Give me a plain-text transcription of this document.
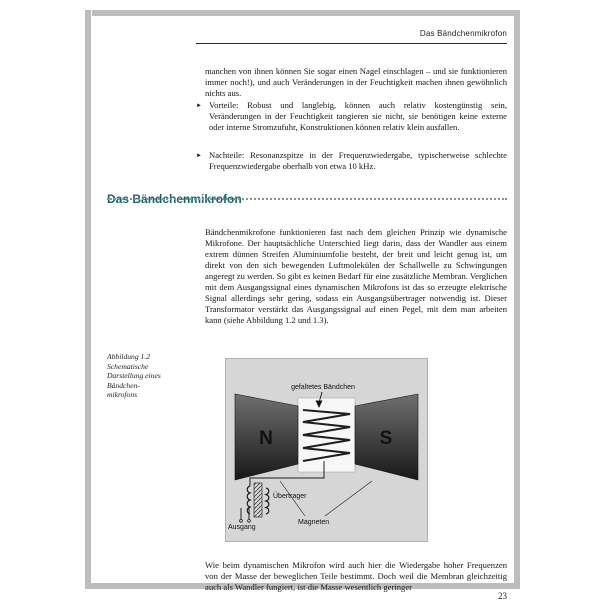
Das Bändchenmikrofon

manchen von ihnen können Sie sogar einen Nagel einschlagen – und sie funktionieren immer noch!), und auch Veränderungen in der Feuchtigkeit machen ihnen gewöhnlich nichts aus.

► Vorteile: Robust und langlebig, können auch relativ kostengünstig sein, Veränderungen in der Feuchtigkeit tangieren sie nicht, sie benötigen keine externe oder interne Stromzufuhr, Konstruktionen können relativ klein ausfallen.
► Nachteile: Resonanzspitze in der Frequenzwiedergabe, typischerweise schlechte Frequenzwiedergabe oberhalb von etwa 10 kHz.
Das Bändchenmikrofon

Bändchenmikrofone funktionieren fast nach dem gleichen Prinzip wie dynamische Mikrofone. Der hauptsächliche Unterschied liegt darin, dass der Wandler aus einem extrem dünnen Streifen Aluminiumfolie besteht, der breit und leicht genug ist, um direkt von den sich bewegenden Luftmolekülen der Schallwelle zu Schwingungen angeregt zu werden. So gibt es keinen Bedarf für eine zusätzliche Membran. Verglichen mit dem Ausgangssignal eines dynamischen Mikrofons ist das so erzeugte elektrische Signal allerdings sehr gering, sodass ein Ausgangsübertrager notwendig ist. Dieser Transformator verstärkt das Ausgangssignal auf einen Pegel, mit dem man arbeiten kann (siehe Abbildung 1.2 und 1.3).

Abbildung 1.2
Schematische
Darstellung eines
Bändchen-
mikrofons
N	S
gefaltetes Bändchen
Übertrager
Magneten
Ausgang

Wie beim dynamischen Mikrofon wird auch hier die Wiedergabe hoher Frequenzen von der Masse der beweglichen Teile bestimmt. Doch weil die Membran gleichzeitig auch als Wandler fungiert, ist die Masse wesentlich geringer

23
